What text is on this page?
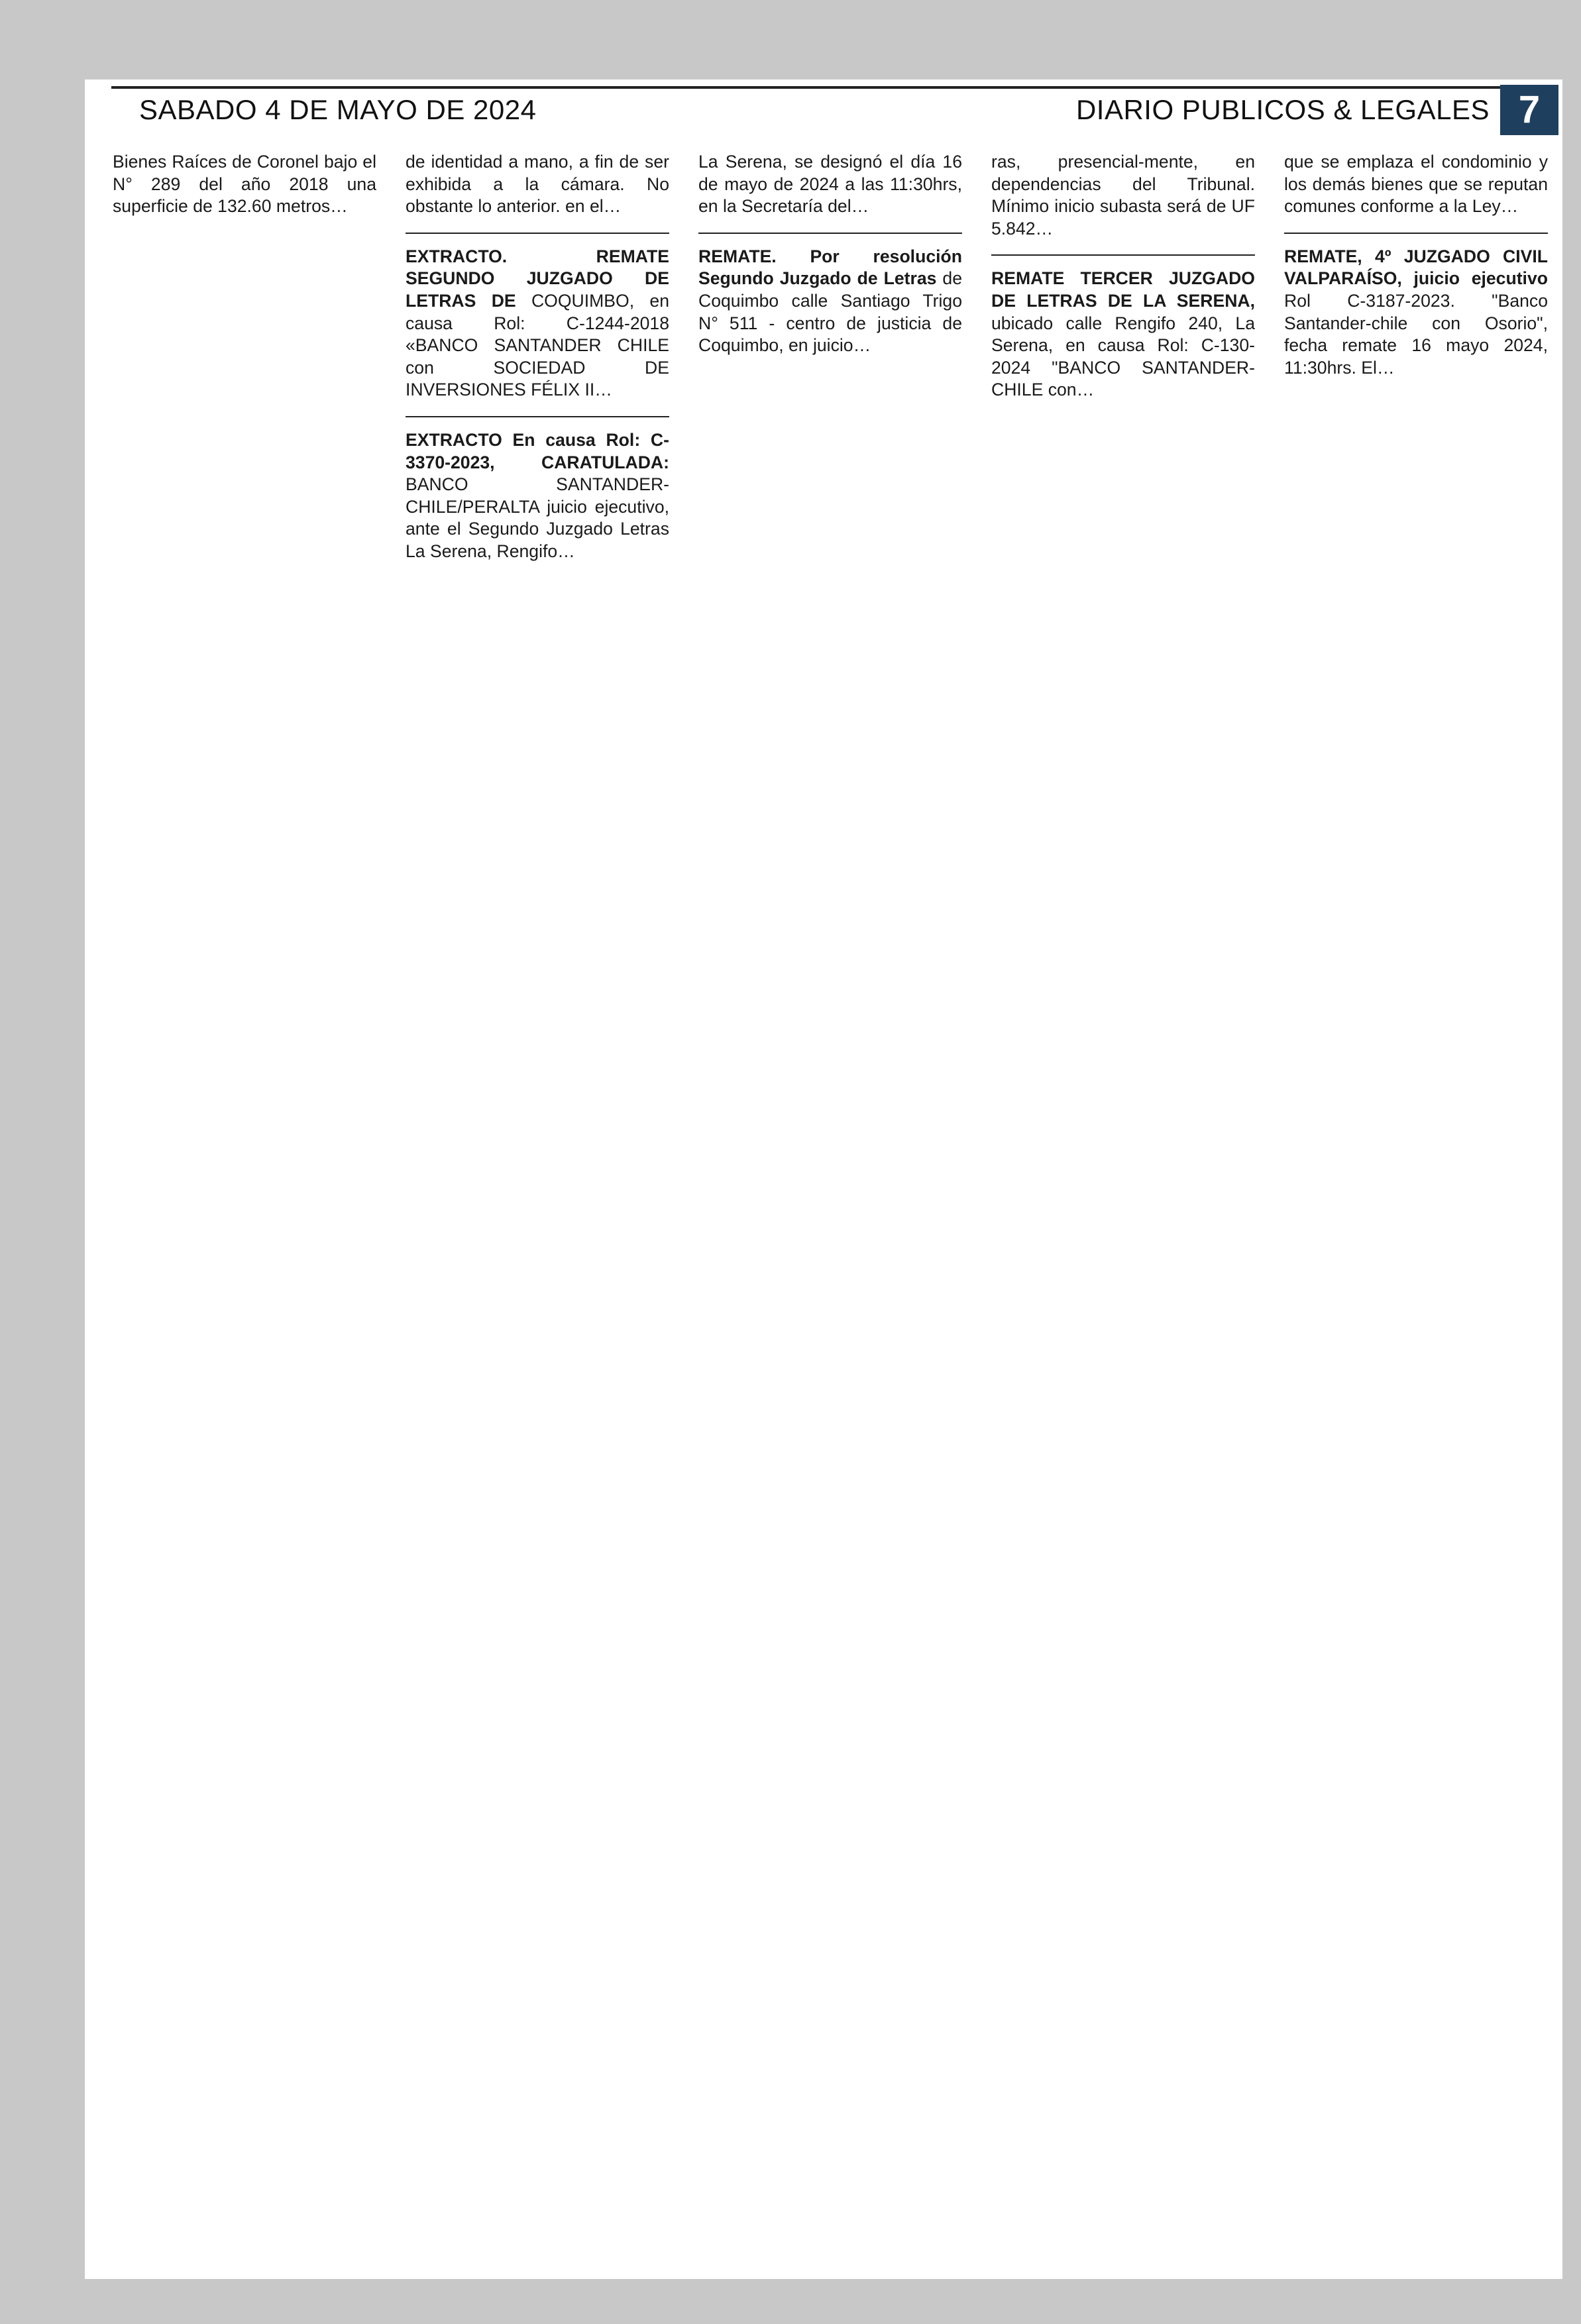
SABADO 4 DE MAYO DE 2024	DIARIO PUBLICOS & LEGALES 7

Bienes Raíces de Coronel bajo el N° 289 del año 2018 una superficie de 132.60 metros…

de identidad a mano, a fin de ser exhibida a la cámara. No obstante lo anterior. en el…

EXTRACTO. REMATE SEGUNDO JUZGADO DE LETRAS DE COQUIMBO, en causa Rol: C-1244-2018 «BANCO SANTANDER CHILE con SOCIEDAD DE INVERSIONES FÉLIX II…

EXTRACTO En causa Rol: C-3370-2023, CARATULADA: BANCO SANTANDER-CHILE/PERALTA juicio ejecutivo, ante el Segundo Juzgado Letras La Serena, Rengifo…

La Serena, se designó el día 16 de mayo de 2024 a las 11:30hrs, en la Secretaría del…

REMATE. Por resolución Segundo Juzgado de Letras de Coquimbo calle Santiago Trigo N° 511 - centro de justicia de Coquimbo, en juicio…

ras, presencial-mente, en dependencias del Tribunal. Mínimo inicio subasta será de UF 5.842…

REMATE TERCER JUZGADO DE LETRAS DE LA SERENA, ubicado calle Rengifo 240, La Serena, en causa Rol: C-130-2024 "BANCO SANTANDER- CHILE con…

que se emplaza el condominio y los demás bienes que se reputan comunes conforme a la Ley…

REMATE, 4º JUZGADO CIVIL VALPARAÍSO, juicio ejecutivo Rol C-3187-2023. "Banco Santander-chile con Osorio", fecha remate 16 mayo 2024, 11:30hrs. El…
